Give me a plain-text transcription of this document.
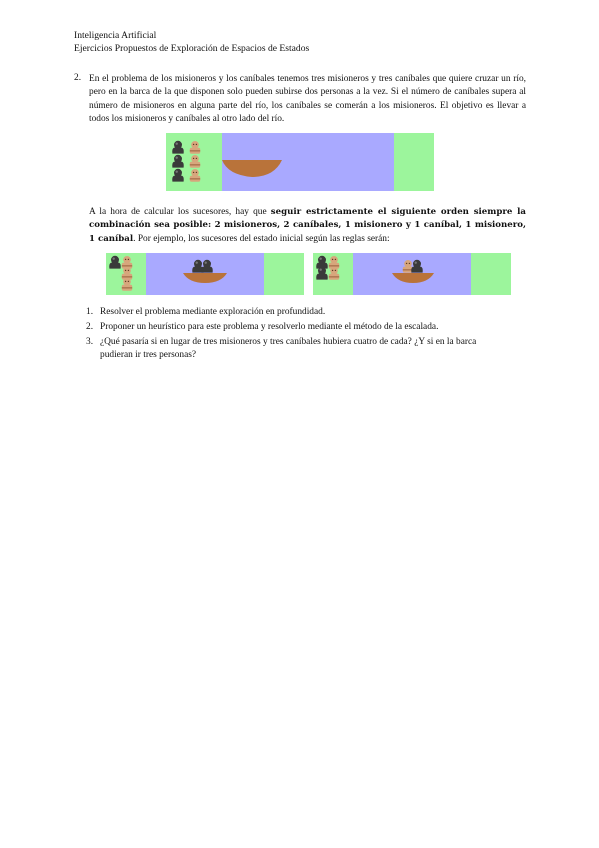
Inteligencia Artificial
Ejercicios Propuestos de Exploración de Espacios de Estados
2. En el problema de los misioneros y los caníbales tenemos tres misioneros y tres caníbales que quiere cruzar un río, pero en la barca de la que disponen solo pueden subirse dos personas a la vez. Si el número de caníbales supera al número de misioneros en alguna parte del río, los caníbales se comerán a los misioneros. El objetivo es llevar a todos los misioneros y caníbales al otro lado del río.
A la hora de calcular los sucesores, hay que seguir estrictamente el siguiente orden siempre la combinación sea posible: 2 misioneros, 2 caníbales, 1 misionero y 1 caníbal, 1 misionero, 1 caníbal. Por ejemplo, los sucesores del estado inicial según las reglas serán:
1. Resolver el problema mediante exploración en profundidad.
2. Proponer un heurístico para este problema y resolverlo mediante el método de la escalada.
3. ¿Qué pasaría si en lugar de tres misioneros y tres caníbales hubiera cuatro de cada? ¿Y si en la barca pudieran ir tres personas?
